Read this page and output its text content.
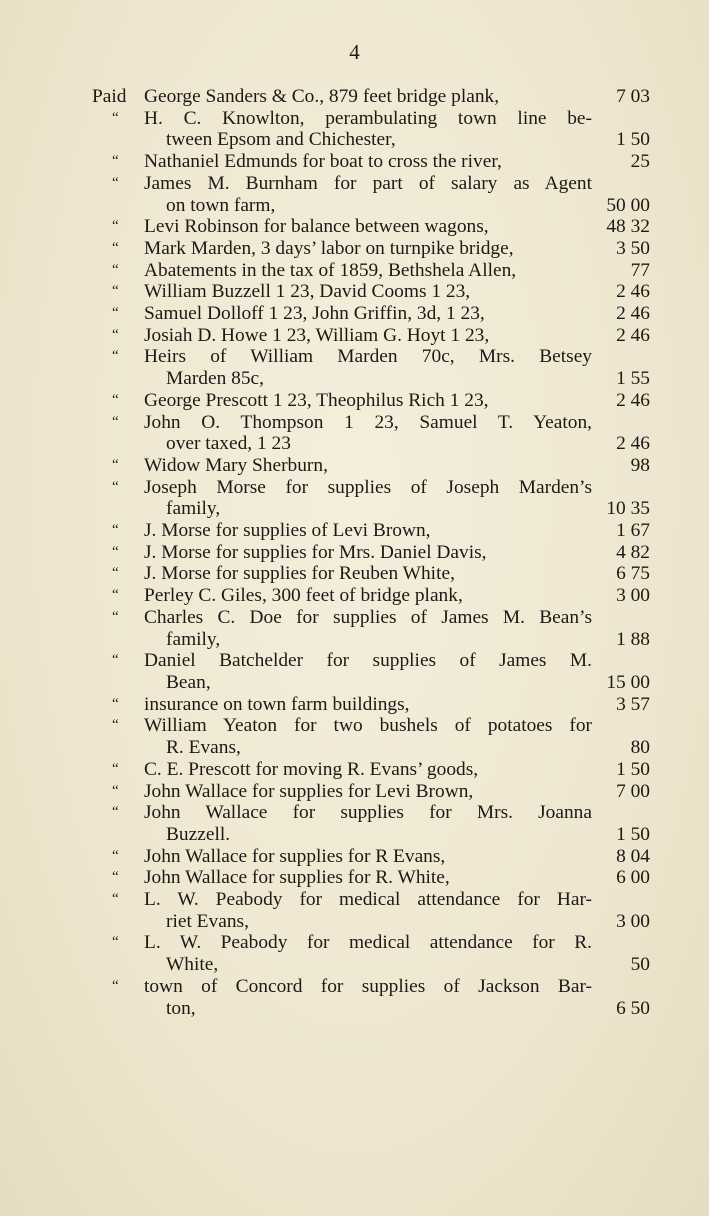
4
Paid George Sanders & Co., 879 feet bridge plank,	7 03
“ H. C. Knowlton, perambulating town line be-
tween Epsom and Chichester,	1 50
“ Nathaniel Edmunds for boat to cross the river,	25
“ James M. Burnham for part of salary as Agent
on town farm,	50 00
“ Levi Robinson for balance between wagons,	48 32
“ Mark Marden, 3 days’ labor on turnpike bridge,	3 50
“ Abatements in the tax of 1859, Bethshela Allen,	77
“ William Buzzell 1 23, David Cooms 1 23,	2 46
“ Samuel Dolloff 1 23, John Griffin, 3d, 1 23,	2 46
“ Josiah D. Howe 1 23, William G. Hoyt 1 23,	2 46
“ Heirs of William Marden 70c, Mrs. Betsey
Marden 85c,	1 55
“ George Prescott 1 23, Theophilus Rich 1 23,	2 46
“ John O. Thompson 1 23, Samuel T. Yeaton,
over taxed, 1 23	2 46
“ Widow Mary Sherburn,	98
“ Joseph Morse for supplies of Joseph Marden’s
family,	10 35
“ J. Morse for supplies of Levi Brown,	1 67
“ J. Morse for supplies for Mrs. Daniel Davis,	4 82
“ J. Morse for supplies for Reuben White,	6 75
“ Perley C. Giles, 300 feet of bridge plank,	3 00
“ Charles C. Doe for supplies of James M. Bean’s
family,	1 88
“ Daniel Batchelder for supplies of James M.
Bean,	15 00
“ insurance on town farm buildings,	3 57
“ William Yeaton for two bushels of potatoes for
R. Evans,	80
“ C. E. Prescott for moving R. Evans’ goods,	1 50
“ John Wallace for supplies for Levi Brown,	7 00
“ John Wallace for supplies for Mrs. Joanna
Buzzell.	1 50
“ John Wallace for supplies for R Evans,	8 04
“ John Wallace for supplies for R. White,	6 00
“ L. W. Peabody for medical attendance for Har-
riet Evans,	3 00
“ L. W. Peabody for medical attendance for R.
White,	50
“ town of Concord for supplies of Jackson Bar-
ton,	6 50
